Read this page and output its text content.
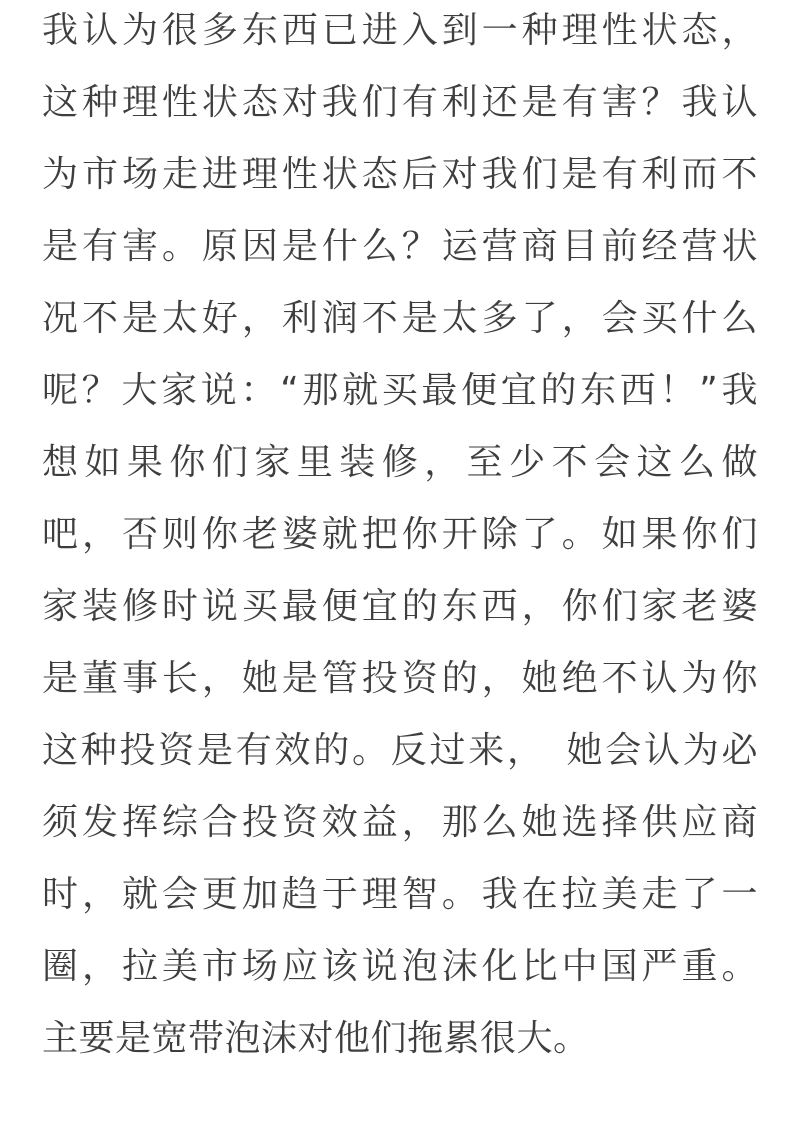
我认为很多东西已进入到一种理性状态，
这种理性状态对我们有利还是有害？我认
为市场走进理性状态后对我们是有利而不
是有害。原因是什么？运营商目前经营状
况不是太好，利润不是太多了，会买什么
呢？大家说：“那就买最便宜的东西！”我
想如果你们家里装修，至少不会这么做
吧，否则你老婆就把你开除了。如果你们
家装修时说买最便宜的东西，你们家老婆
是董事长，她是管投资的，她绝不认为你
这种投资是有效的。反过来，　她会认为必
须发挥综合投资效益，那么她选择供应商
时，就会更加趋于理智。我在拉美走了一
圈，拉美市场应该说泡沫化比中国严重。
主要是宽带泡沫对他们拖累很大。
